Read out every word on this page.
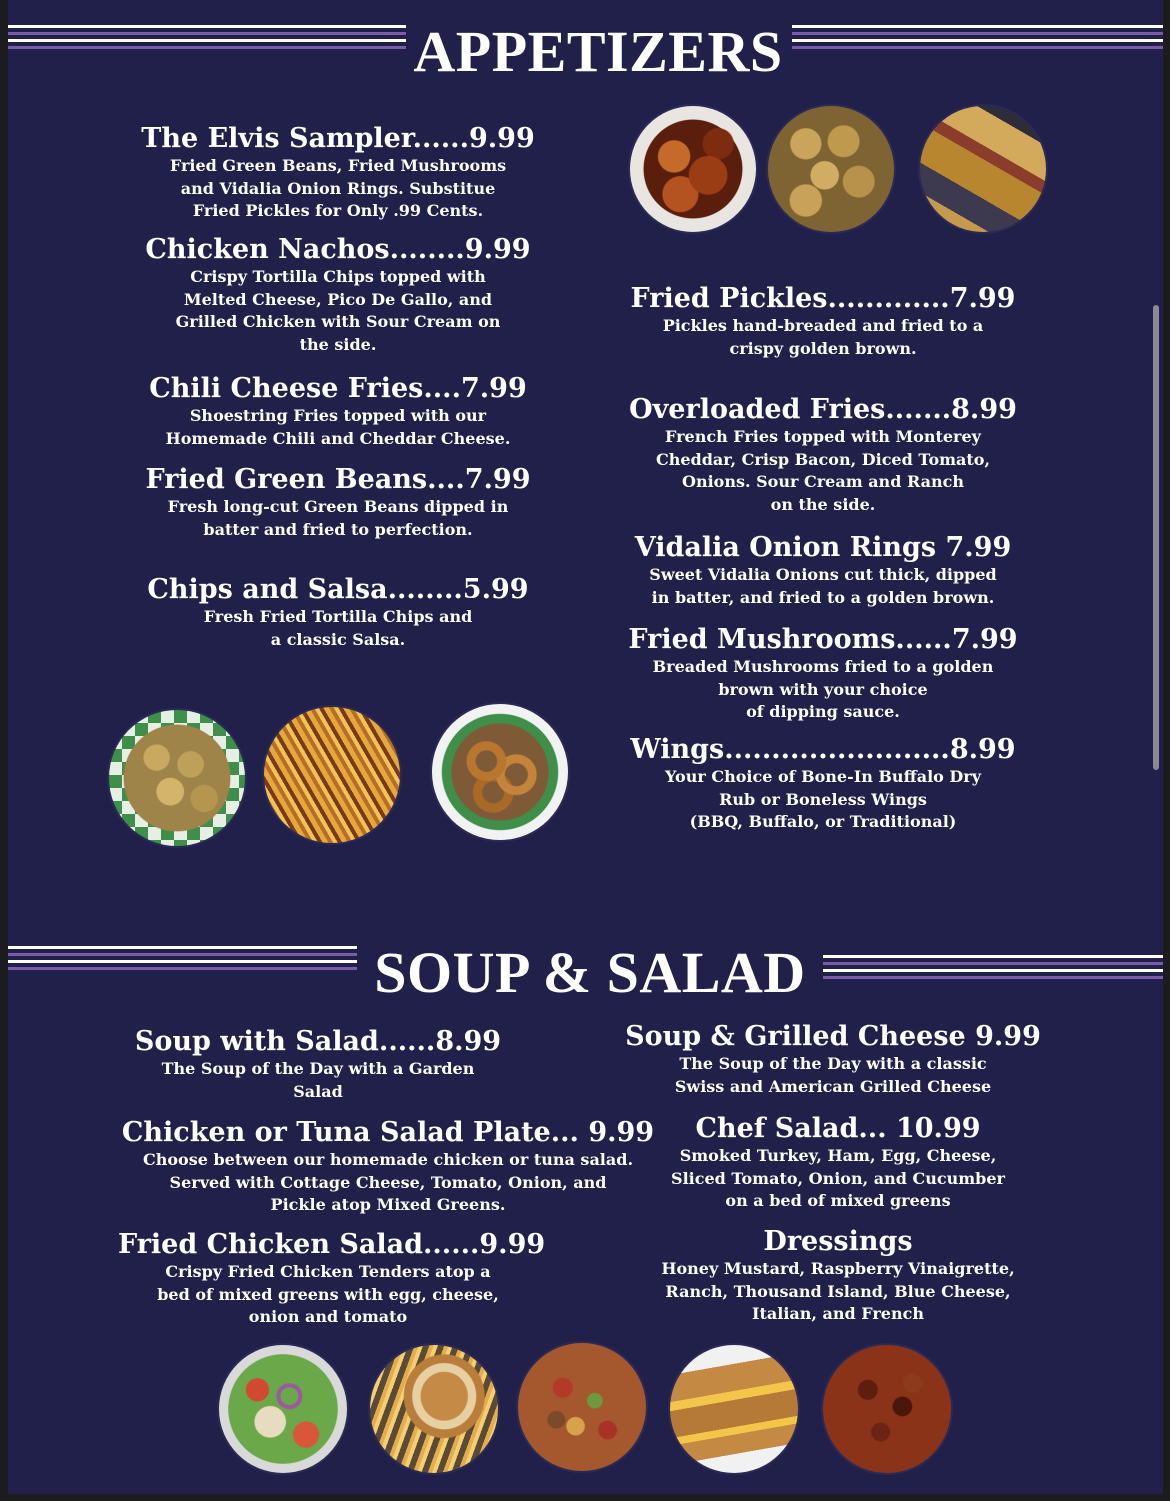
APPETIZERS
The Elvis Sampler......9.99
Fried Green Beans, Fried Mushrooms
and Vidalia Onion Rings. Substitue
Fried Pickles for Only .99 Cents.
Chicken Nachos........9.99
Crispy Tortilla Chips topped with
Melted Cheese, Pico De Gallo, and
Grilled Chicken with Sour Cream on
the side.
Chili Cheese Fries....7.99
Shoestring Fries topped with our
Homemade Chili and Cheddar Cheese.
Fried Green Beans....7.99
Fresh long-cut Green Beans dipped in
batter and fried to perfection.
Chips and Salsa........5.99
Fresh Fried Tortilla Chips and
a classic Salsa.
Fried Pickles.............7.99
Pickles hand-breaded and fried to a
crispy golden brown.
Overloaded Fries.......8.99
French Fries topped with Monterey
Cheddar, Crisp Bacon, Diced Tomato,
Onions. Sour Cream and Ranch
on the side.
Vidalia Onion Rings 7.99
Sweet Vidalia Onions cut thick, dipped
in batter, and fried to a golden brown.
Fried Mushrooms......7.99
Breaded Mushrooms fried to a golden
brown with your choice
of dipping sauce.
Wings........................8.99
Your Choice of Bone-In Buffalo Dry
Rub or Boneless Wings
(BBQ, Buffalo, or Traditional)
SOUP & SALAD
Soup with Salad......8.99
The Soup of the Day with a Garden
Salad
Chicken or Tuna Salad Plate... 9.99
Choose between our homemade chicken or tuna salad.
Served with Cottage Cheese, Tomato, Onion, and
Pickle atop Mixed Greens.
Fried Chicken Salad......9.99
Crispy Fried Chicken Tenders atop a
bed of mixed greens with egg, cheese,
onion and tomato
Soup & Grilled Cheese 9.99
The Soup of the Day with a classic
Swiss and American Grilled Cheese
Chef Salad... 10.99
Smoked Turkey, Ham, Egg, Cheese,
Sliced Tomato, Onion, and Cucumber
on a bed of mixed greens
Dressings
Honey Mustard, Raspberry Vinaigrette,
Ranch, Thousand Island, Blue Cheese,
Italian, and French
